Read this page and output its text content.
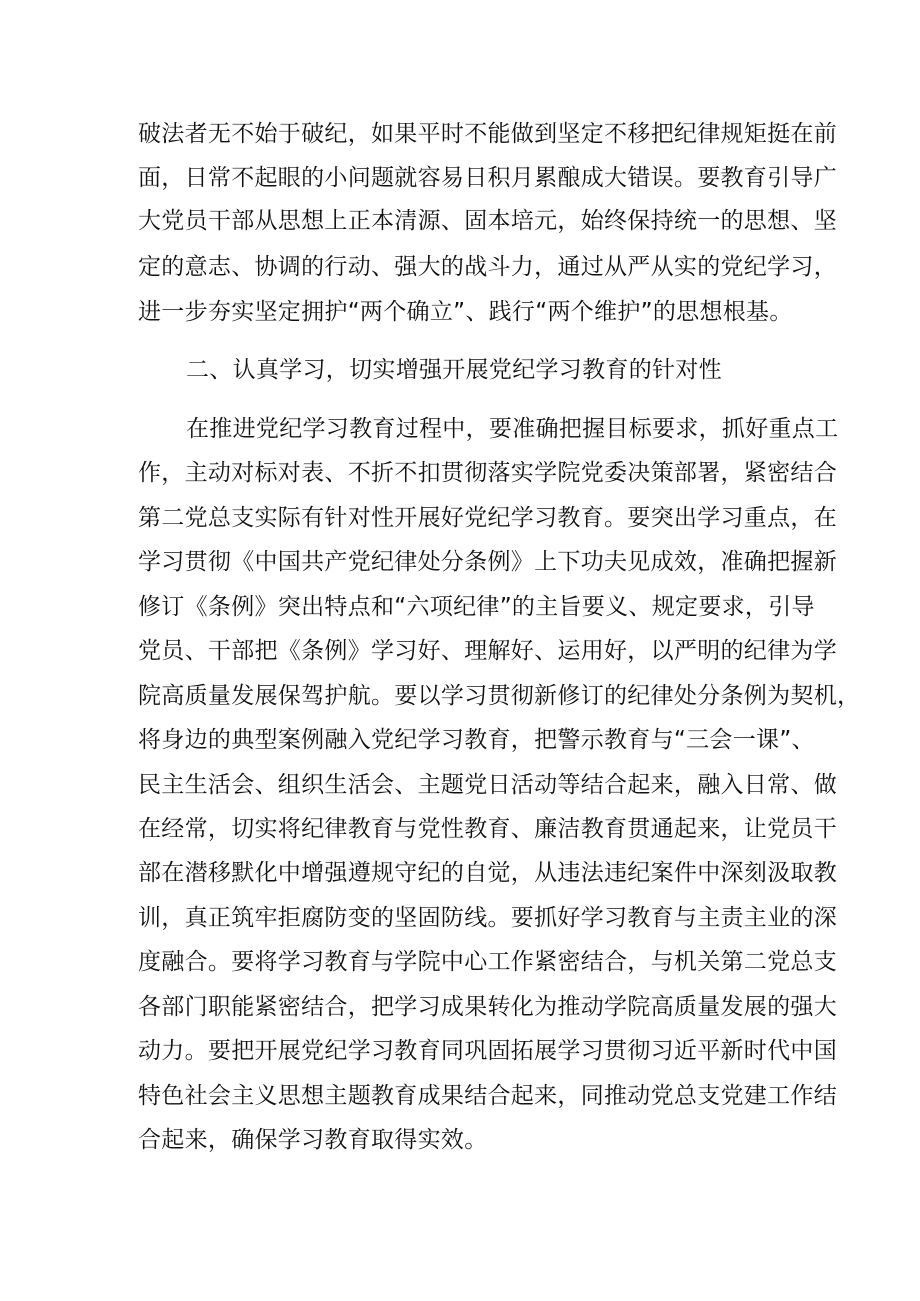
破法者无不始于破纪，如果平时不能做到坚定不移把纪律规矩挺在前
面，日常不起眼的小问题就容易日积月累酿成大错误。要教育引导广
大党员干部从思想上正本清源、固本培元，始终保持统一的思想、坚
定的意志、协调的行动、强大的战斗力，通过从严从实的党纪学习，
进一步夯实坚定拥护“两个确立”、践行“两个维护”的思想根基。
二、认真学习，切实增强开展党纪学习教育的针对性
在推进党纪学习教育过程中，要准确把握目标要求，抓好重点工
作，主动对标对表、不折不扣贯彻落实学院党委决策部署，紧密结合
第二党总支实际有针对性开展好党纪学习教育。要突出学习重点，在
学习贯彻《中国共产党纪律处分条例》上下功夫见成效，准确把握新
修订《条例》突出特点和“六项纪律”的主旨要义、规定要求，引导
党员、干部把《条例》学习好、理解好、运用好，以严明的纪律为学
院高质量发展保驾护航。要以学习贯彻新修订的纪律处分条例为契机，
将身边的典型案例融入党纪学习教育，把警示教育与“三会一课”、
民主生活会、组织生活会、主题党日活动等结合起来，融入日常、做
在经常，切实将纪律教育与党性教育、廉洁教育贯通起来，让党员干
部在潜移默化中增强遵规守纪的自觉，从违法违纪案件中深刻汲取教
训，真正筑牢拒腐防变的坚固防线。要抓好学习教育与主责主业的深
度融合。要将学习教育与学院中心工作紧密结合，与机关第二党总支
各部门职能紧密结合，把学习成果转化为推动学院高质量发展的强大
动力。要把开展党纪学习教育同巩固拓展学习贯彻习近平新时代中国
特色社会主义思想主题教育成果结合起来，同推动党总支党建工作结
合起来，确保学习教育取得实效。
